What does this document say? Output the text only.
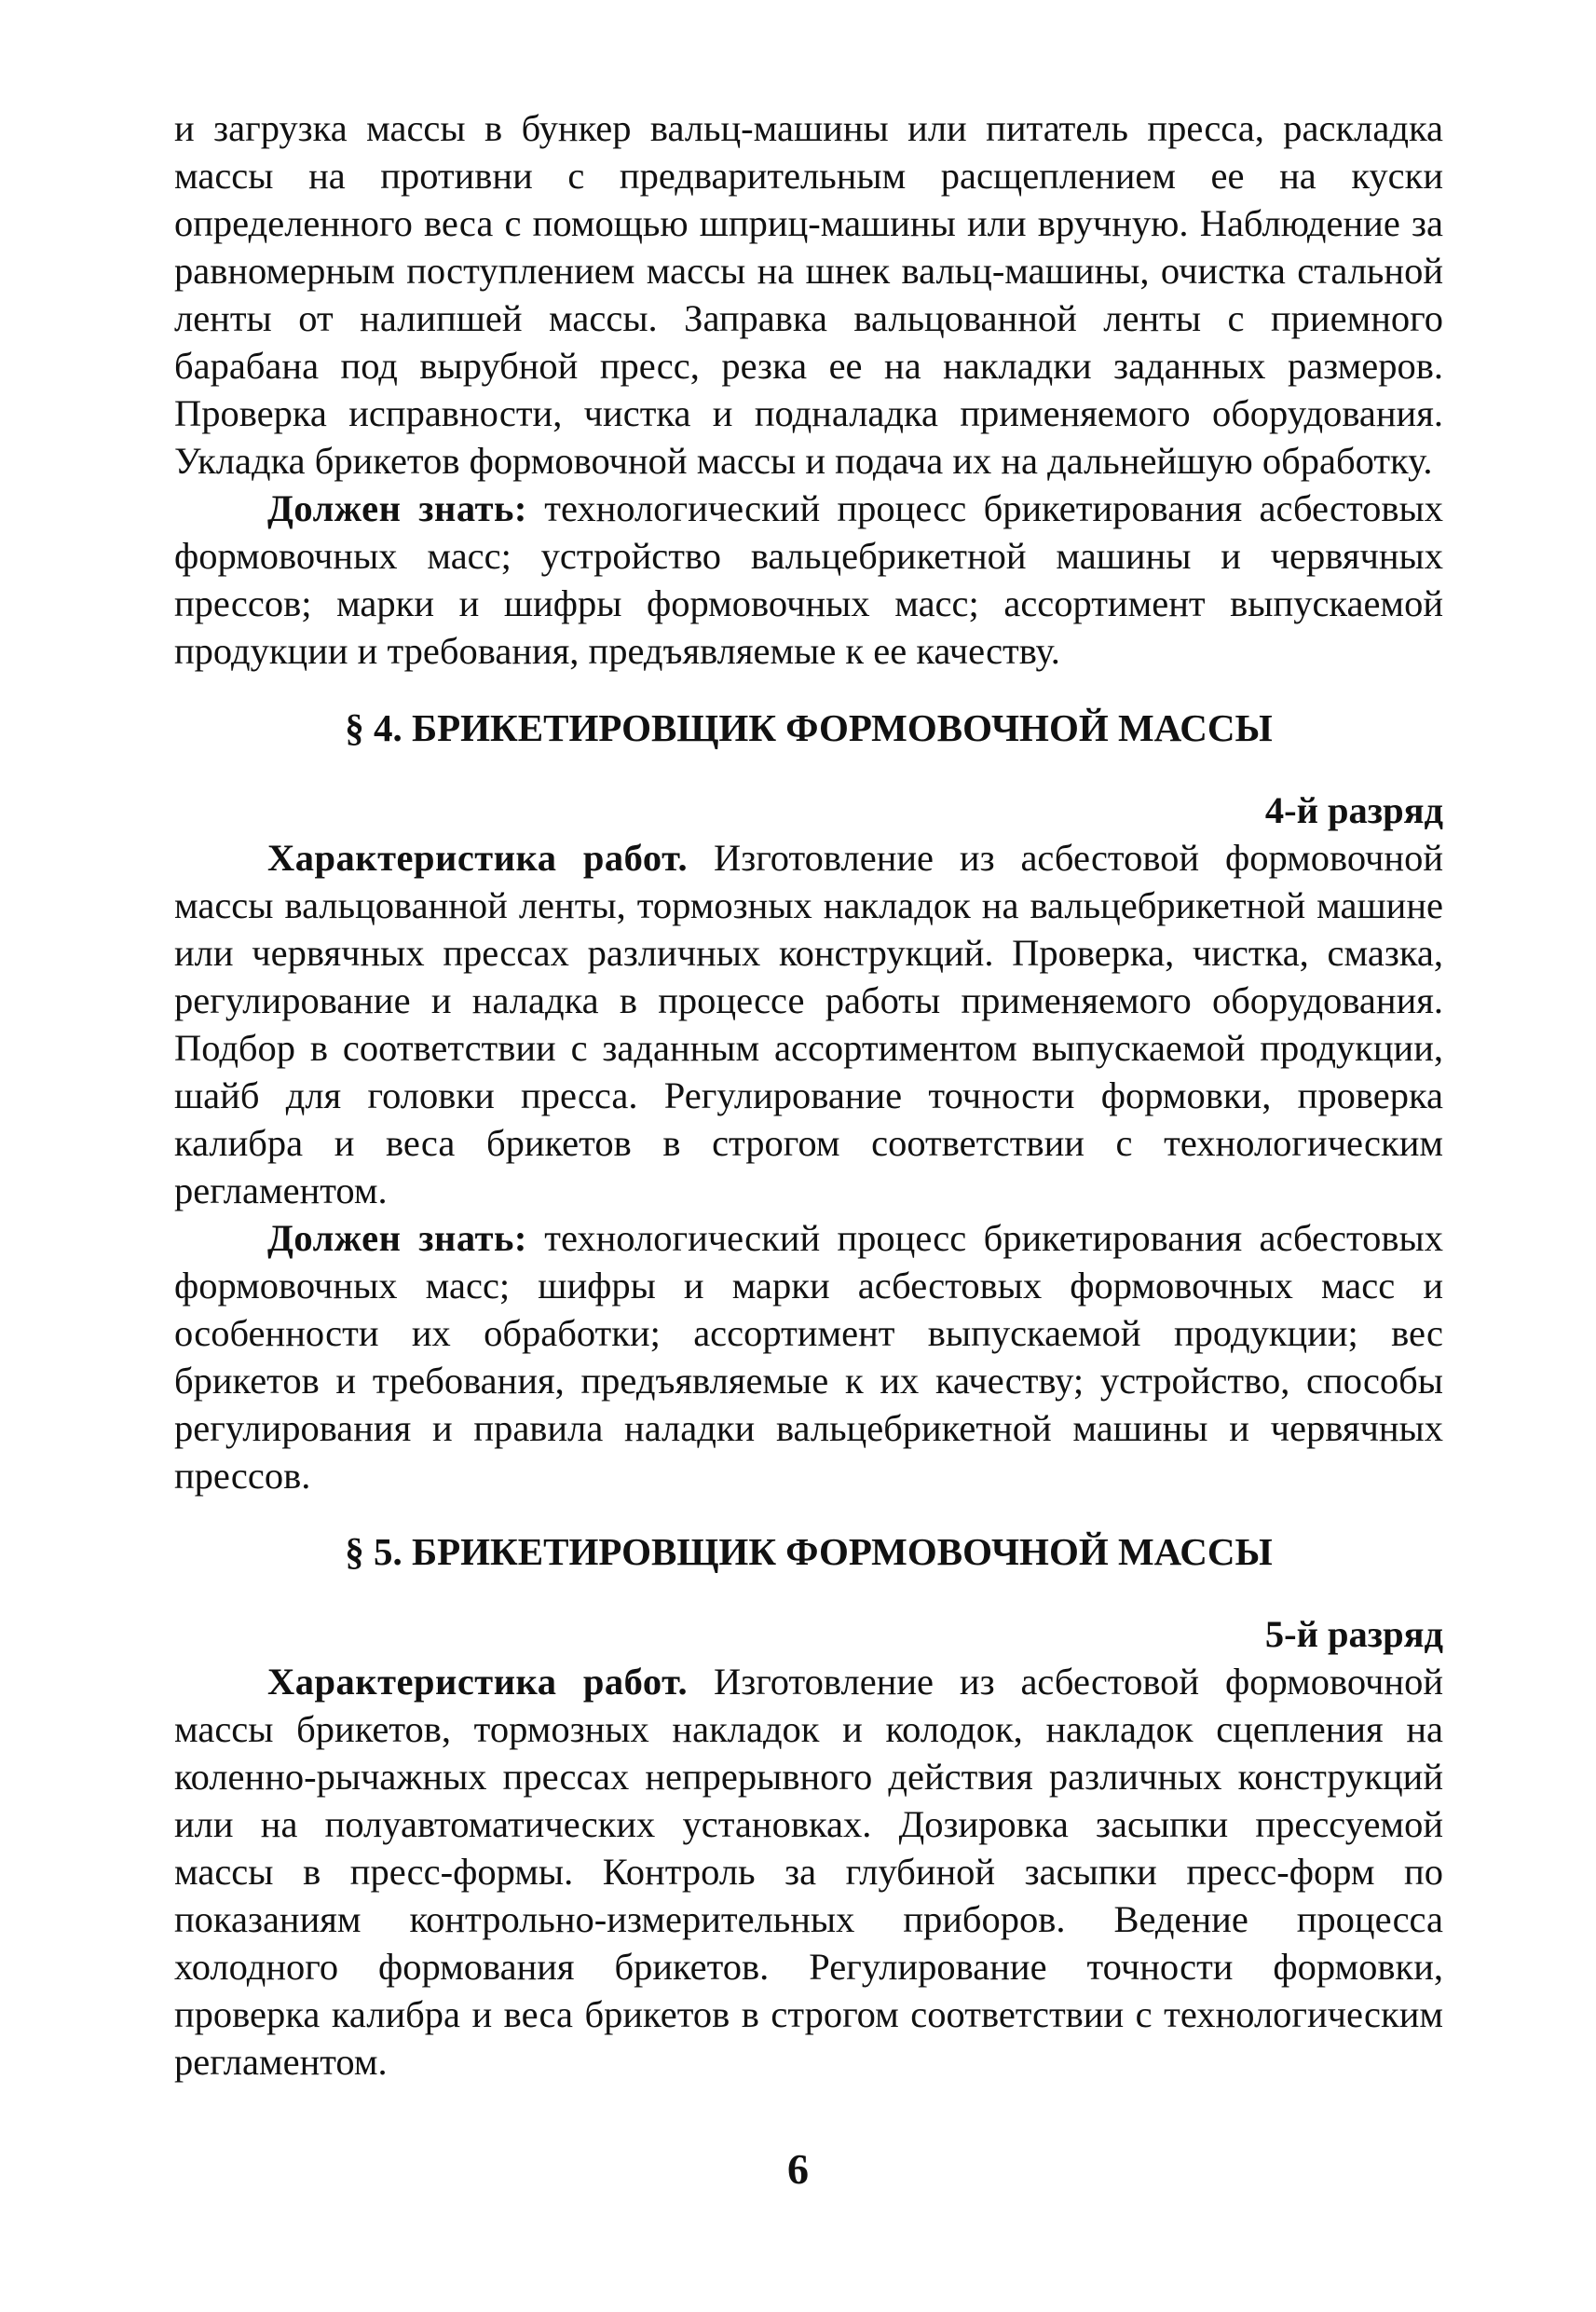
и загрузка массы в бункер вальц-машины или питатель пресса, раскладка массы на противни с предварительным расщеплением ее на куски определенного веса с помощью шприц-машины или вручную. Наблюдение за равномерным поступлением массы на шнек вальц-машины, очистка стальной ленты от налипшей массы. Заправка вальцованной ленты с приемного барабана под вырубной пресс, резка ее на накладки заданных размеров. Проверка исправности, чистка и подналадка применяемого оборудования. Укладка брикетов формовочной массы и подача их на дальнейшую обработку.

Должен знать: технологический процесс брикетирования асбестовых формовочных масс; устройство вальцебрикетной машины и червячных прессов; марки и шифры формовочных масс; ассортимент выпускаемой продукции и требования, предъявляемые к ее качеству.

§ 4. БРИКЕТИРОВЩИК ФОРМОВОЧНОЙ МАССЫ

4-й разряд

Характеристика работ. Изготовление из асбестовой формовочной массы вальцованной ленты, тормозных накладок на вальцебрикетной машине или червячных прессах различных конструкций. Проверка, чистка, смазка, регулирование и наладка в процессе работы применяемого оборудования. Подбор в соответствии с заданным ассортиментом выпускаемой продукции, шайб для головки пресса. Регулирование точности формовки, проверка калибра и веса брикетов в строгом соответствии с технологическим регламентом.

Должен знать: технологический процесс брикетирования асбестовых формовочных масс; шифры и марки асбестовых формовочных масс и особенности их обработки; ассортимент выпускаемой продукции; вес брикетов и требования, предъявляемые к их качеству; устройство, способы регулирования и правила наладки вальцебрикетной машины и червячных прессов.

§ 5. БРИКЕТИРОВЩИК ФОРМОВОЧНОЙ МАССЫ

5-й разряд

Характеристика работ. Изготовление из асбестовой формовочной массы брикетов, тормозных накладок и колодок, накладок сцепления на коленно-рычажных прессах непрерывного действия различных конструкций или на полуавтоматических установках. Дозировка засыпки прессуемой массы в пресс-формы. Контроль за глубиной засыпки пресс-форм по показаниям контрольно-измерительных приборов. Ведение процесса холодного формования брикетов. Регулирование точности формовки, проверка калибра и веса брикетов в строгом соответствии с технологическим регламентом.

6
